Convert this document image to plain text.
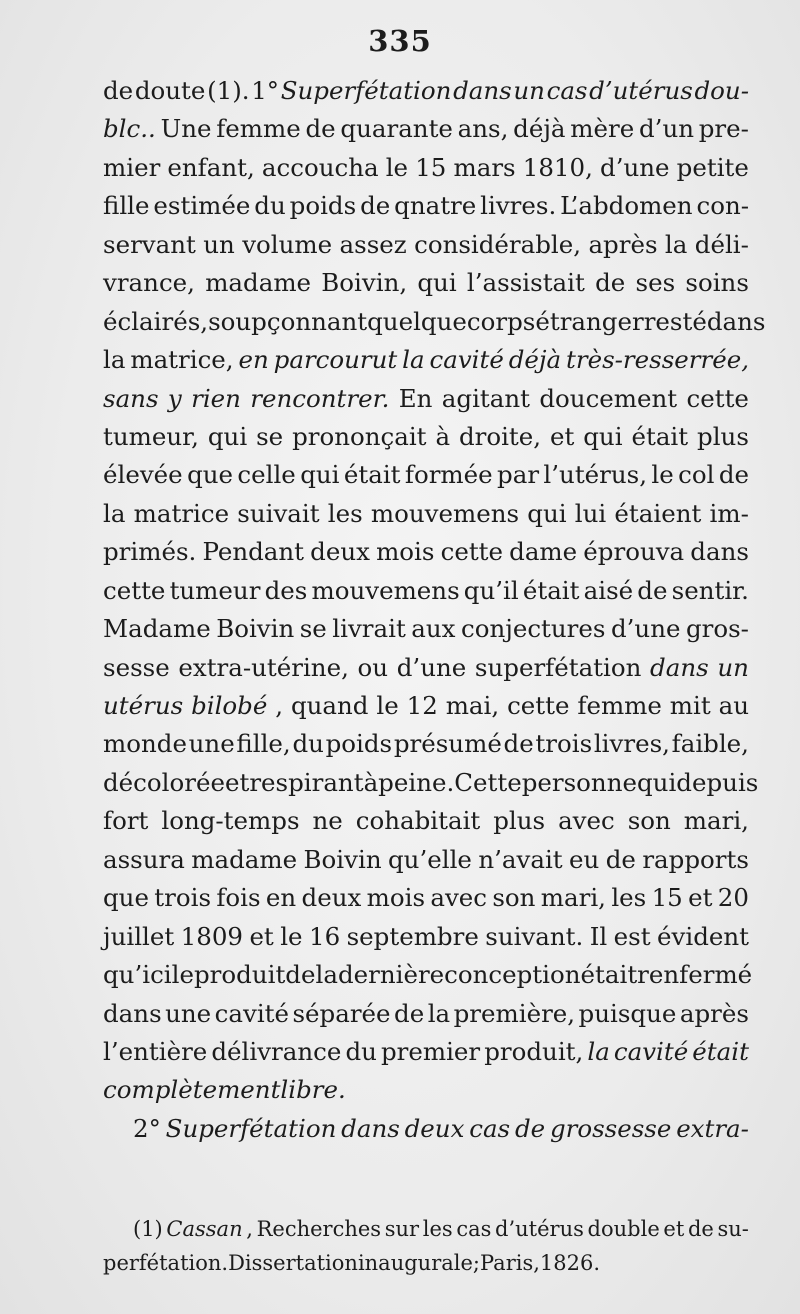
335
de doute (1). 1° Superfétation dans un cas d’utérus dou-
blc.. Une femme de quarante ans, déjà mère d’un pre-
mier enfant, accoucha le 15 mars 1810, d’une petite
fille estimée du poids de qnatre livres. L’abdomen con-
servant un volume assez considérable, après la déli-
vrance, madame Boivin, qui l’assistait de ses soins
éclairés, soupçonnant quelque corps étranger resté dans
la matrice, en parcourut la cavité déjà très-resserrée,
sans y rien rencontrer. En agitant doucement cette
tumeur, qui se prononçait à droite, et qui était plus
élevée que celle qui était formée par l’utérus, le col de
la matrice suivait les mouvemens qui lui étaient im-
primés. Pendant deux mois cette dame éprouva dans
cette tumeur des mouvemens qu’il était aisé de sentir.
Madame Boivin se livrait aux conjectures d’une gros-
sesse extra-utérine, ou d’une superfétation dans un
utérus bilobé , quand le 12 mai, cette femme mit au
monde une fille, du poids présumé de trois livres, faible,
décolorée et respirant à peine. Cette personne qui depuis
fort long-temps ne cohabitait plus avec son mari,
assura madame Boivin qu’elle n’avait eu de rapports
que trois fois en deux mois avec son mari, les 15 et 20
juillet 1809 et le 16 septembre suivant. Il est évident
qu’ici le produit de la dernière conception était renfermé
dans une cavité séparée de la première, puisque après
l’entière délivrance du premier produit, la cavité était
complètement libre.
2° Superfétation dans deux cas de grossesse extra-
(1) Cassan , Recherches sur les cas d’utérus double et de su-
perfétation. Dissertation inaugurale; Paris, 1826.
